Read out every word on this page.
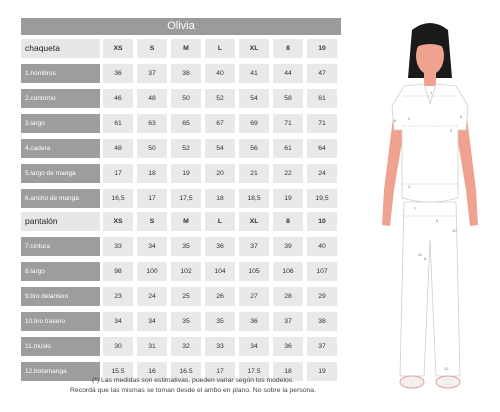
Olivia
chaqueta	XS	S	M	L	XL	8	10
1.hombros	36	37	38	40	41	44	47
2.contorno	46	48	50	52	54	58	61
3.largo	61	63	65	67	69	71	71
4.cadera	48	50	52	54	56	61	64
5.largo de manga	17	18	19	20	21	22	24
6.ancho de manga	16,5	17	17,5	18	18,5	19	19,5
pantalón	XS	S	M	L	XL	8	10
7.cintura	33	34	35	36	37	39	40
8.largo	98	100	102	104	105	106	107
9.tiro delantero	23	24	25	26	27	28	29
10.tiro trasero	34	34	35	35	36	37	38
11.muslo	30	31	32	33	34	36	37
12.botamanga	15.5	16	16.5	17	17.5	18	19
(*) Las medidas son estimativas, pueden variar según los modelos.
Recordá que las mismas se toman desde el ambo en plano. No sobre la persona.
1
2
3
4
5
6
7
8
9
10
11
12
